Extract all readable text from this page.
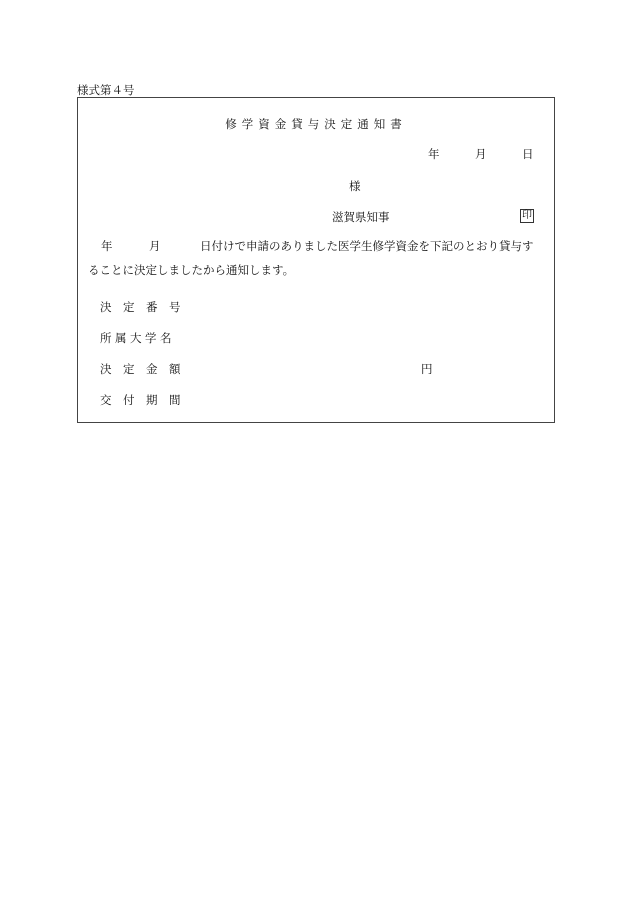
様式第４号
修学資金貸与決定通知書
年	月	日
様
滋賀県知事	印
年	月	日付けで申請のありました医学生修学資金を下記のとおり貸与す
ることに決定しましたから通知します。
決　定　番　号
所属大学名
決　定　金　額	円
交　付　期　間
